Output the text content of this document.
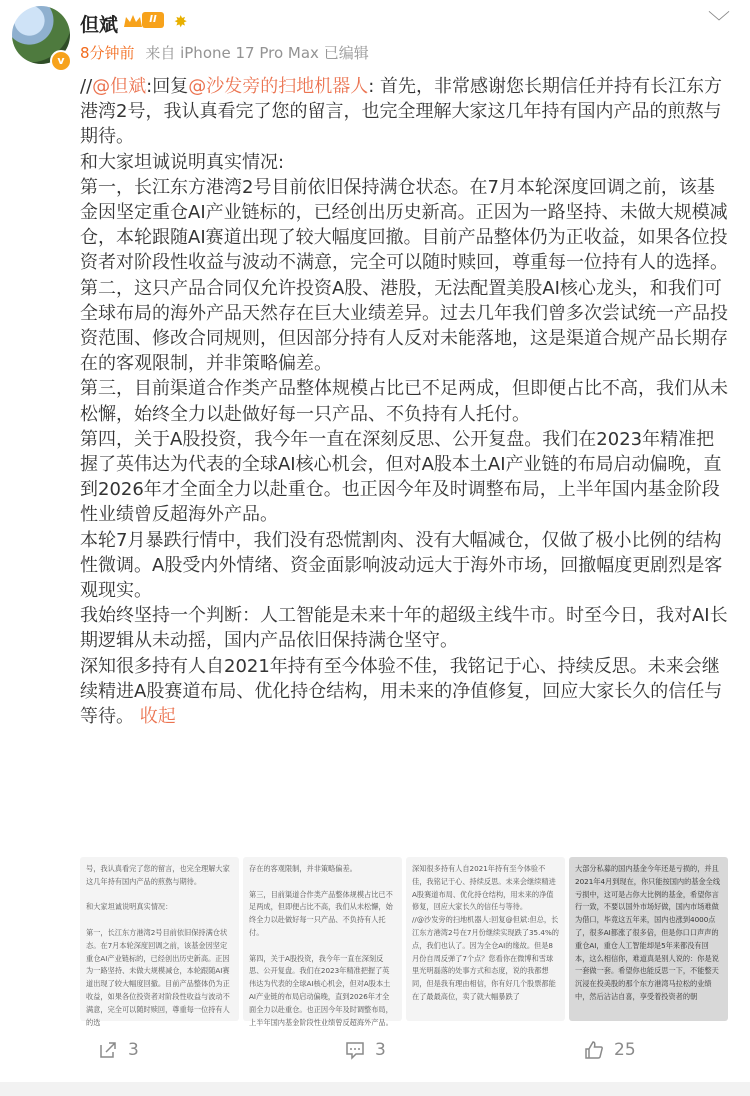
v
但斌	II	✸
8分钟前 来自 iPhone 17 Pro Max 已编辑
﹀

//@但斌:回复@沙发旁的扫地机器人: 首先，非常感谢您长期信任并持有长江东方港湾2号，我认真看完了您的留言，也完全理解大家这几年持有国内产品的煎熬与期待。

和大家坦诚说明真实情况:

第一，长江东方港湾2号目前依旧保持满仓状态。在7月本轮深度回调之前，该基金因坚定重仓AI产业链标的，已经创出历史新高。正因为一路坚持、未做大规模减仓，本轮跟随AI赛道出现了较大幅度回撤。目前产品整体仍为正收益，如果各位投资者对阶段性收益与波动不满意，完全可以随时赎回，尊重每一位持有人的选择。

第二，这只产品合同仅允许投资A股、港股，无法配置美股AI核心龙头，和我们可全球布局的海外产品天然存在巨大业绩差异。过去几年我们曾多次尝试统一产品投资范围、修改合同规则，但因部分持有人反对未能落地，这是渠道合规产品长期存在的客观限制，并非策略偏差。

第三，目前渠道合作类产品整体规模占比已不足两成，但即便占比不高，我们从未松懈，始终全力以赴做好每一只产品、不负持有人托付。

第四，关于A股投资，我今年一直在深刻反思、公开复盘。我们在2023年精准把握了英伟达为代表的全球AI核心机会，但对A股本土AI产业链的布局启动偏晚，直到2026年才全面全力以赴重仓。也正因今年及时调整布局，上半年国内基金阶段性业绩曾反超海外产品。

本轮7月暴跌行情中，我们没有恐慌割肉、没有大幅减仓，仅做了极小比例的结构性微调。A股受内外情绪、资金面影响波动远大于海外市场，回撤幅度更剧烈是客观现实。

我始终坚持一个判断：人工智能是未来十年的超级主线牛市。时至今日，我对AI长期逻辑从未动摇，国内产品依旧保持满仓坚守。

深知很多持有人自2021年持有至今体验不佳，我铭记于心、持续反思。未来会继续精进A股赛道布局、优化持仓结构，用未来的净值修复，回应大家长久的信任与等待。 收起

号，我认真看完了您的留言，也完全理解大家这几年持有国内产品的煎熬与期待。

和大家坦诚说明真实情况：

第一，长江东方港湾2号目前依旧保持满仓状态。在7月本轮深度回调之前，该基金因坚定重仓AI产业链标的，已经创出历史新高。正因为一路坚持、未做大规模减仓，本轮跟随AI赛道出现了较大幅度回撤。目前产品整体仍为正收益，如果各位投资者对阶段性收益与波动不满意，完全可以随时赎回，尊重每一位持有人的选
存在的客观限制，并非策略偏差。

第三，目前渠道合作类产品整体规模占比已不足两成，但即便占比不高，我们从未松懈，始终全力以赴做好每一只产品、不负持有人托付。

第四，关于A股投资，我今年一直在深刻反思、公开复盘。我们在2023年精准把握了英伟达为代表的全球AI核心机会，但对A股本土AI产业链的布局启动偏晚，直到2026年才全面全力以赴重仓。也正因今年及时调整布局，上半年国内基金阶段性业绩曾反超海外产品。
深知很多持有人自2021年持有至今体验不佳，我铭记于心、持续反思。未来会继续精进A股赛道布局、优化持仓结构，用未来的净值修复，回应大家长久的信任与等待。
//@沙发旁的扫地机器人:回复@但斌:但总，长江东方港湾2号在7月份继续实现跌了35.4%的点，我们也认了。因为全仓AI的缘故。但是8月份自周反弹了7个点？您看你在微博和雪球里光明磊落的处事方式和态度，说的我都想同，但是我有理由相信，你有好几个股票都能在了最最高位，卖了就大幅暴跌了
大部分私募的国内基金今年还是亏损的，并且2021年4月到现在，你只能按国内的基金全线亏损中，这可是占你大比例的基金，希望你言行一致，不要以国外市场好做，国内市场难做为借口，毕竟这五年来，国内也涨到4000点了，很多AI都涨了很多倍，但是你口口声声的重仓AI，重仓人工智能却是5年来都没有回本，这么相信你，难道真是别人说的：你是说一套做一套。希望你也能反思一下，不能整天沉浸在投美股的那个东方港湾马拉松的业绩中，然后沾沾自喜，享受着投资者的朝
3	3	25
